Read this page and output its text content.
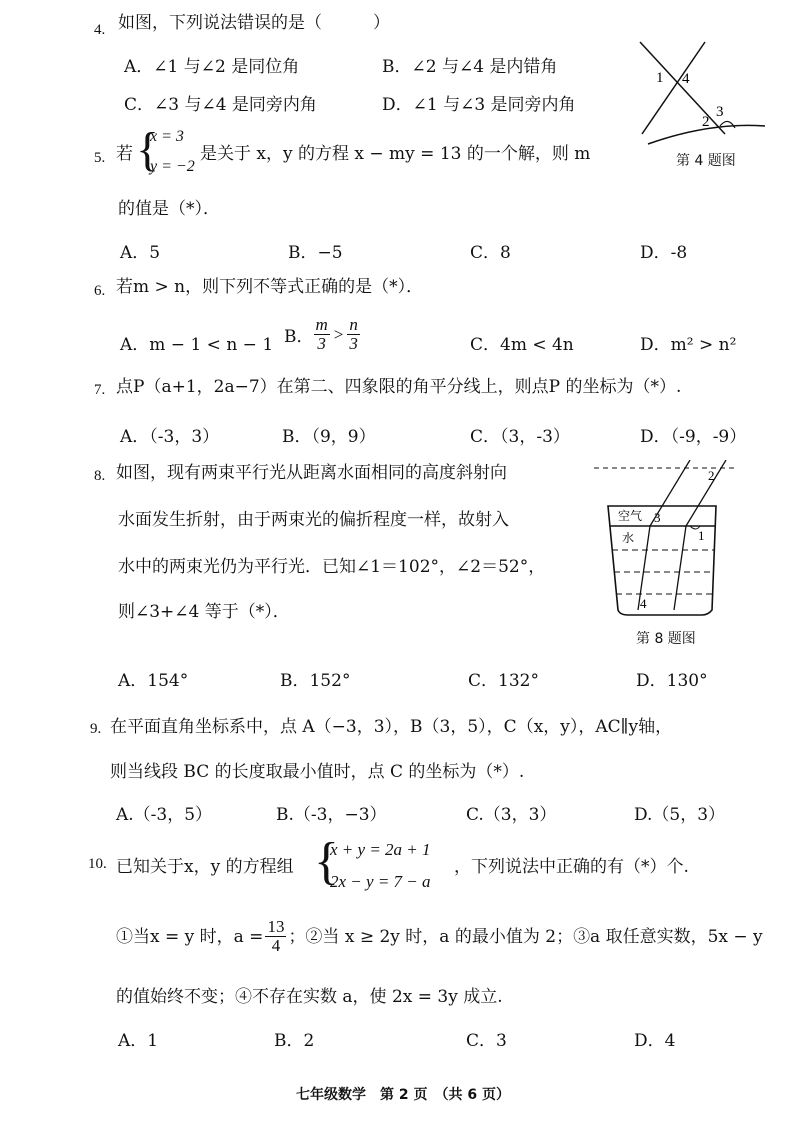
4. 如图，下列说法错误的是（　　　）
A．∠1 与∠2 是同位角	B．∠2 与∠4 是内错角
C．∠3 与∠4 是同旁内角	D．∠1 与∠3 是同旁内角
1 4
2
3
第 4 题图
5. 若 {
x = 3
y = −2
是关于 x，y 的方程 x − my = 13 的一个解，则 m
的值是（*）．
A．5	B．−5	C．8	D．-8
6. 若m > n，则下列不等式正确的是（*）．
A．m − 1 < n − 1 B． $\frac{m}{3} > \frac{n}{3}$	C．4m < 4n	D．m² > n²
7. 点P（a+1，2a−7）在第二、四象限的角平分线上，则点P 的坐标为（*）.
A．（-3，3）	B．（9，9）	C．（3，-3）	D．（-9，-9）
8. 如图，现有两束平行光从距离水面相同的高度斜射向
水面发生折射，由于两束光的偏折程度一样，故射入
水中的两束光仍为平行光．已知∠1＝102°，∠2＝52°，
则∠3+∠4 等于（*）．
空气
水
2
3
1
4
第 8 题图
A．154°	B．152°	C．132°	D．130°
9. 在平面直角坐标系中，点 A（−3，3），B（3，5），C（x，y），AC∥y轴，
则当线段 BC 的长度取最小值时，点 C 的坐标为（*）.
A.（-3，5）	B.（-3，−3）	C.（3，3）	D.（5，3）
10. 已知关于x，y 的方程组 {
x + y = 2a + 1
2x − y = 7 − a
，下列说法中正确的有（*）个.
①当x = y 时，$a = \frac{13}{4}$ ；②当 x ≥ 2y 时，a 的最小值为 2；③a 取任意实数，5x − y
的值始终不变；④不存在实数 a，使 2x = 3y 成立.
A．1	B．2	C．3	D．4
七年级数学　第 2 页　（共 6 页）
